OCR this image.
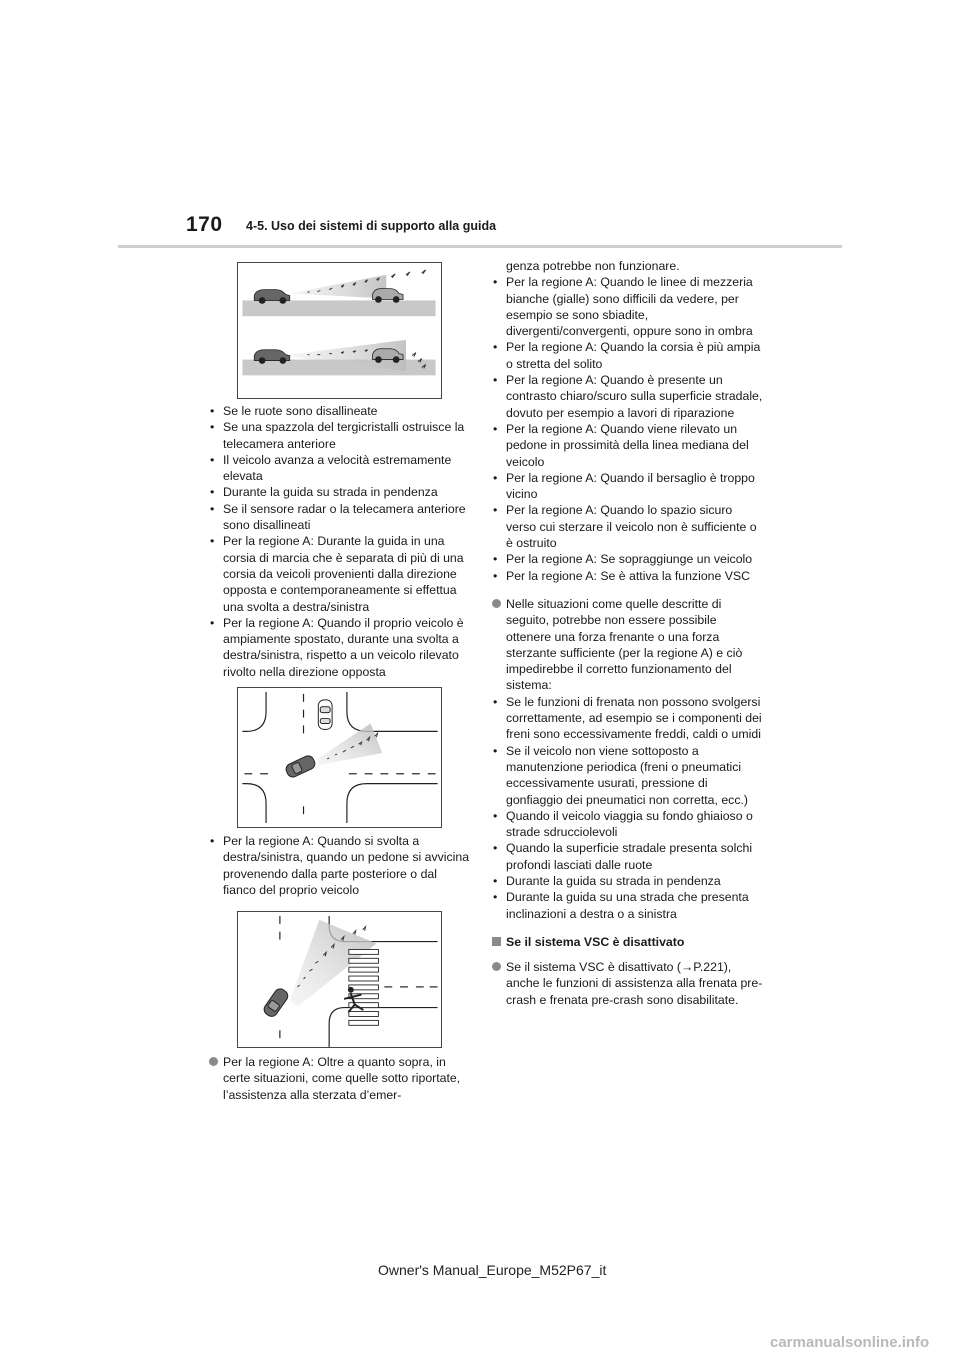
170 4-5. Uso dei sistemi di supporto alla guida
• Se le ruote sono disallineate
• Se una spazzola del tergicristalli ostruisce la telecamera anteriore
• Il veicolo avanza a velocità estremamente elevata
• Durante la guida su strada in pendenza
• Se il sensore radar o la telecamera anteriore sono disallineati
• Per la regione A: Durante la guida in una corsia di marcia che è separata di più di una corsia da veicoli provenienti dalla direzione opposta e contemporaneamente si effettua una svolta a destra/sinistra
• Per la regione A: Quando il proprio veicolo è ampiamente spostato, durante una svolta a destra/sinistra, rispetto a un veicolo rilevato rivolto nella direzione opposta
• Per la regione A: Quando si svolta a destra/sinistra, quando un pedone si avvicina provenendo dalla parte posteriore o dal fianco del proprio veicolo
Per la regione A: Oltre a quanto sopra, in certe situazioni, come quelle sotto riportate, l’assistenza alla sterzata d’emer-
genza potrebbe non funzionare.
• Per la regione A: Quando le linee di mezzeria bianche (gialle) sono difficili da vedere, per esempio se sono sbiadite, divergenti/convergenti, oppure sono in ombra
• Per la regione A: Quando la corsia è più ampia o stretta del solito
• Per la regione A: Quando è presente un contrasto chiaro/scuro sulla superficie stradale, dovuto per esempio a lavori di riparazione
• Per la regione A: Quando viene rilevato un pedone in prossimità della linea mediana del veicolo
• Per la regione A: Quando il bersaglio è troppo vicino
• Per la regione A: Quando lo spazio sicuro verso cui sterzare il veicolo non è sufficiente o è ostruito
• Per la regione A: Se sopraggiunge un veicolo
• Per la regione A: Se è attiva la funzione VSC
Nelle situazioni come quelle descritte di seguito, potrebbe non essere possibile ottenere una forza frenante o una forza sterzante sufficiente (per la regione A) e ciò impedirebbe il corretto funzionamento del sistema:
• Se le funzioni di frenata non possono svolgersi correttamente, ad esempio se i componenti dei freni sono eccessivamente freddi, caldi o umidi
• Se il veicolo non viene sottoposto a manutenzione periodica (freni o pneumatici eccessivamente usurati, pressione di gonfiaggio dei pneumatici non corretta, ecc.)
• Quando il veicolo viaggia su fondo ghiaioso o strade sdrucciolevoli
• Quando la superficie stradale presenta solchi profondi lasciati dalle ruote
• Durante la guida su strada in pendenza
• Durante la guida su una strada che presenta inclinazioni a destra o a sinistra
Se il sistema VSC è disattivato
Se il sistema VSC è disattivato (→P.221), anche le funzioni di assistenza alla frenata pre-crash e frenata pre-crash sono disabilitate.
Owner's Manual_Europe_M52P67_it
carmanualsonline.info
